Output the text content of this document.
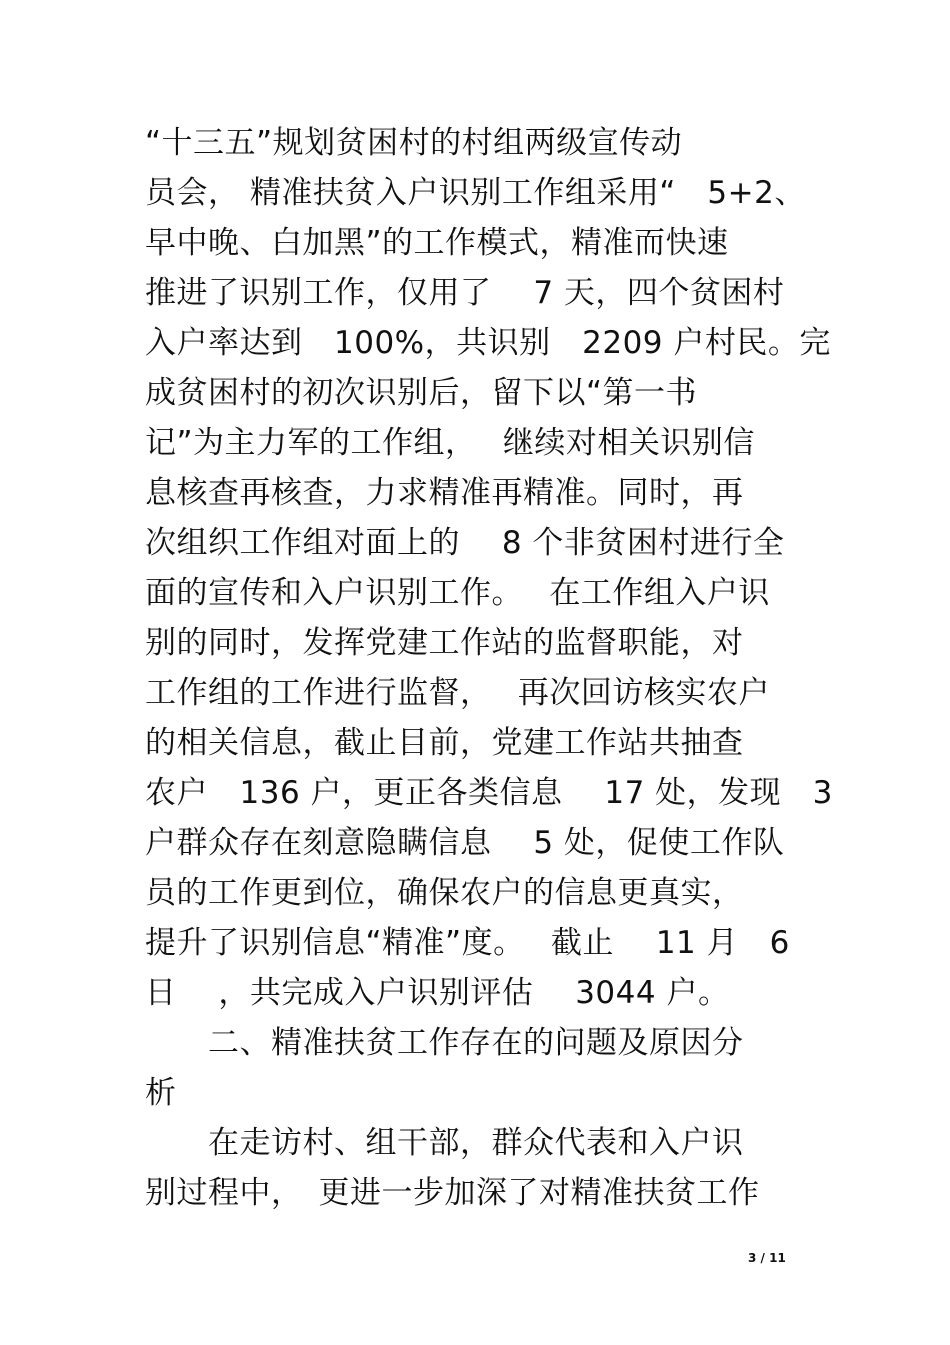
“十三五”规划贫困村的村组两级宣传动
员会， 精准扶贫入户识别工作组采用“　5+2、
早中晚、白加黑”的工作模式，精准而快速
推进了识别工作，仅用了　 7 天，四个贫困村
入户率达到　100%，共识别　2209 户村民。完
成贫困村的初次识别后，留下以“第一书
记”为主力军的工作组，　 继续对相关识别信
息核查再核查，力求精准再精准。同时，再
次组织工作组对面上的　 8 个非贫困村进行全
面的宣传和入户识别工作。　 在工作组入户识
别的同时，发挥党建工作站的监督职能，对
工作组的工作进行监督，　 再次回访核实农户
的相关信息，截止目前，党建工作站共抽查
农户　136 户，更正各类信息　 17 处，发现　3
户群众存在刻意隐瞒信息　 5 处，促使工作队
员的工作更到位，确保农户的信息更真实，
提升了识别信息“精准”度。　 截止　 11 月　6
日　 ，共完成入户识别评估　 3044 户。
　　二、精准扶贫工作存在的问题及原因分
析
　　在走访村、组干部，群众代表和入户识
别过程中，　更进一步加深了对精准扶贫工作
3 / 11
